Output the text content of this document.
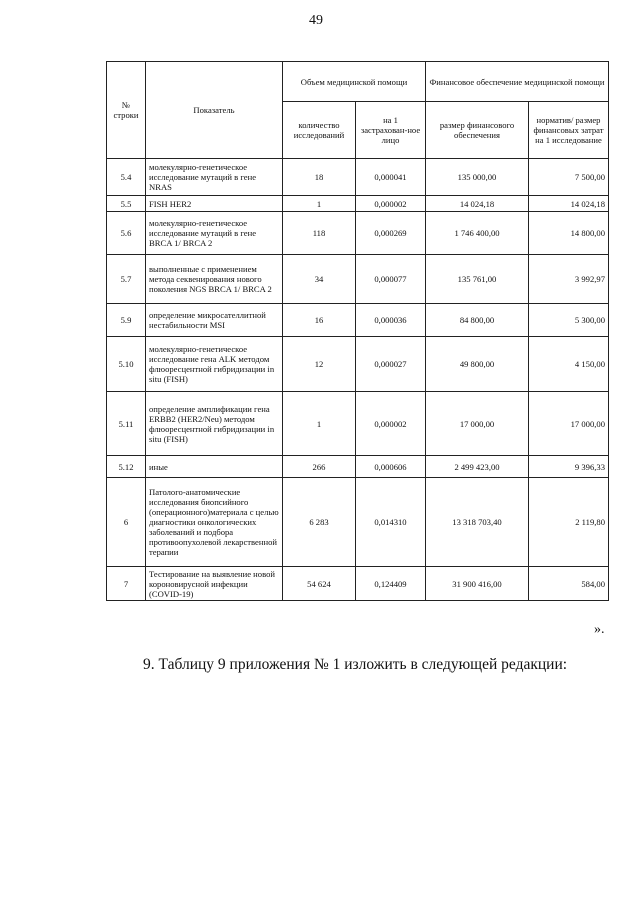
49
№ строки	Показатель	Объем медицинской помощи		Финансовое обеспечение медицинской помощи	
		количество исследований	на 1 застрахован-ное лицо	размер финансового обеспечения	норматив/ размер финансовых затрат на 1 исследование
5.4	молекулярно-генетическое исследование мутаций в гене NRAS	18	0,000041	135 000,00	7 500,00
5.5	FISH HER2	1	0,000002	14 024,18	14 024,18
5.6	молекулярно-генетическое исследование мутаций в гене BRCA 1/ BRCA 2	118	0,000269	1 746 400,00	14 800,00
5.7	выполненные с применением метода секвенирования нового поколения NGS BRCA 1/ BRCA 2	34	0,000077	135 761,00	3 992,97
5.9	определение микросателлитной нестабильности MSI	16	0,000036	84 800,00	5 300,00
5.10	молекулярно-генетическое исследование гена ALK методом флюоресцентной гибридизации in situ (FISH)	12	0,000027	49 800,00	4 150,00
5.11	определение амплификации гена ERBB2 (HER2/Neu) методом флюоресцентной гибридизации in situ (FISH)	1	0,000002	17 000,00	17 000,00
5.12	иные	266	0,000606	2 499 423,00	9 396,33
6	Патолого-анатомические исследования биопсийного (операционного)материала с целью диагностики онкологических заболеваний и подбора противоопухолевой лекарственной терапии	6 283	0,014310	13 318 703,40	2 119,80
7	Тестирование на выявление новой короновирусной инфекции (COVID-19)	54 624	0,124409	31 900 416,00	584,00
».
9. Таблицу 9 приложения № 1 изложить в следующей редакции:
